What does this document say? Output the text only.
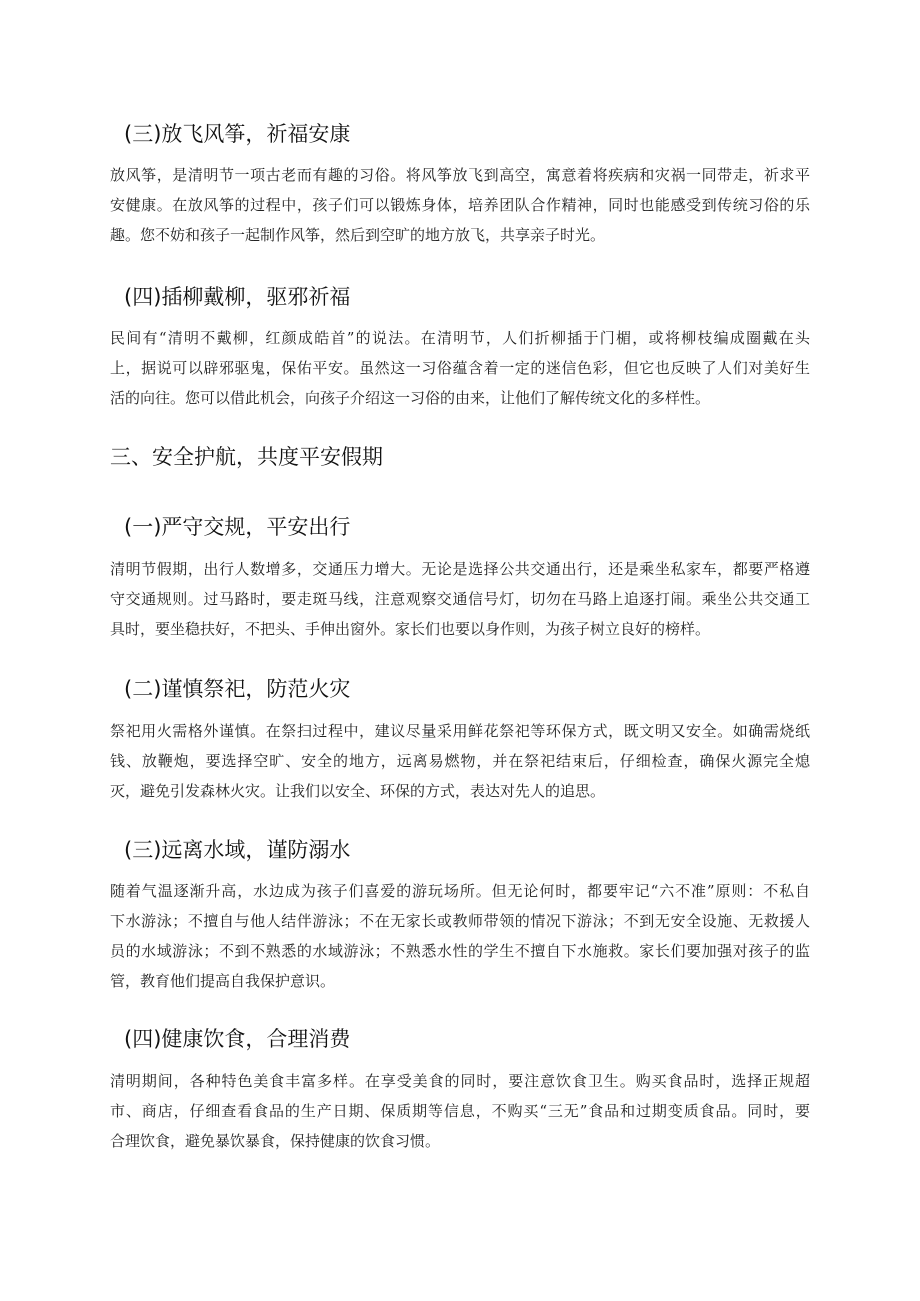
(三)放飞风筝，祈福安康
放风筝，是清明节一项古老而有趣的习俗。将风筝放飞到高空，寓意着将疾病和灾祸一同带走，祈求平
安健康。在放风筝的过程中，孩子们可以锻炼身体，培养团队合作精神，同时也能感受到传统习俗的乐
趣。您不妨和孩子一起制作风筝，然后到空旷的地方放飞，共享亲子时光。
(四)插柳戴柳，驱邪祈福
民间有“清明不戴柳，红颜成皓首”的说法。在清明节，人们折柳插于门楣，或将柳枝编成圈戴在头
上，据说可以辟邪驱鬼，保佑平安。虽然这一习俗蕴含着一定的迷信色彩，但它也反映了人们对美好生
活的向往。您可以借此机会，向孩子介绍这一习俗的由来，让他们了解传统文化的多样性。
三、安全护航，共度平安假期
(一)严守交规，平安出行
清明节假期，出行人数增多，交通压力增大。无论是选择公共交通出行，还是乘坐私家车，都要严格遵
守交通规则。过马路时，要走斑马线，注意观察交通信号灯，切勿在马路上追逐打闹。乘坐公共交通工
具时，要坐稳扶好，不把头、手伸出窗外。家长们也要以身作则，为孩子树立良好的榜样。
(二)谨慎祭祀，防范火灾
祭祀用火需格外谨慎。在祭扫过程中，建议尽量采用鲜花祭祀等环保方式，既文明又安全。如确需烧纸
钱、放鞭炮，要选择空旷、安全的地方，远离易燃物，并在祭祀结束后，仔细检查，确保火源完全熄
灭，避免引发森林火灾。让我们以安全、环保的方式，表达对先人的追思。
(三)远离水域，谨防溺水
随着气温逐渐升高，水边成为孩子们喜爱的游玩场所。但无论何时，都要牢记“六不准”原则：不私自
下水游泳；不擅自与他人结伴游泳；不在无家长或教师带领的情况下游泳；不到无安全设施、无救援人
员的水域游泳；不到不熟悉的水域游泳；不熟悉水性的学生不擅自下水施救。家长们要加强对孩子的监
管，教育他们提高自我保护意识。
(四)健康饮食，合理消费
清明期间，各种特色美食丰富多样。在享受美食的同时，要注意饮食卫生。购买食品时，选择正规超
市、商店，仔细查看食品的生产日期、保质期等信息，不购买“三无”食品和过期变质食品。同时，要
合理饮食，避免暴饮暴食，保持健康的饮食习惯。
